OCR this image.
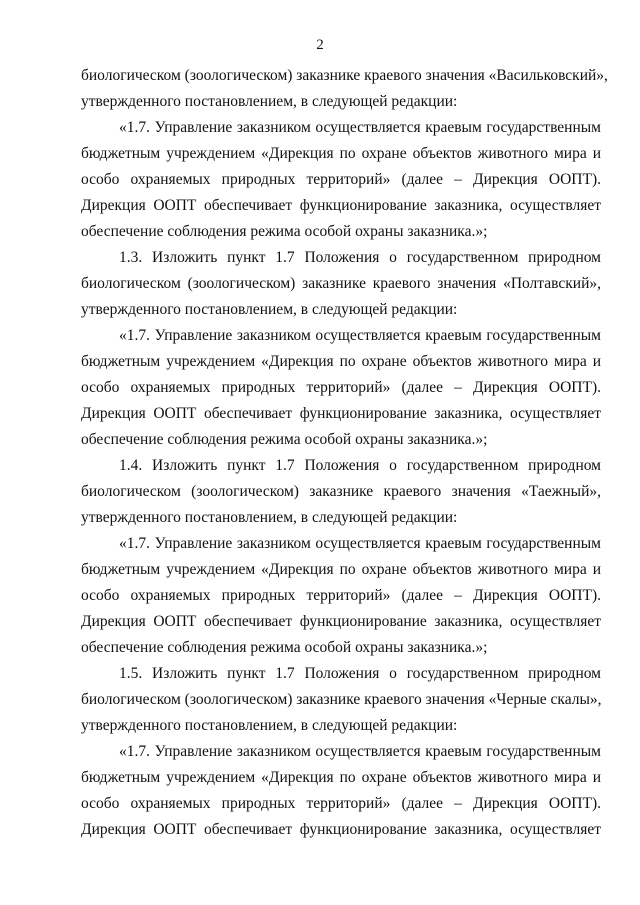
2
биологическом (зоологическом) заказнике краевого значения «Васильковский»,
утвержденного постановлением, в следующей редакции:
«1.7. Управление заказником осуществляется краевым государственным
бюджетным учреждением «Дирекция по охране объектов животного мира и
особо охраняемых природных территорий» (далее – Дирекция ООПТ).
Дирекция ООПТ обеспечивает функционирование заказника, осуществляет
обеспечение соблюдения режима особой охраны заказника.»;
1.3. Изложить пункт 1.7 Положения о государственном природном
биологическом (зоологическом) заказнике краевого значения «Полтавский»,
утвержденного постановлением, в следующей редакции:
«1.7. Управление заказником осуществляется краевым государственным
бюджетным учреждением «Дирекция по охране объектов животного мира и
особо охраняемых природных территорий» (далее – Дирекция ООПТ).
Дирекция ООПТ обеспечивает функционирование заказника, осуществляет
обеспечение соблюдения режима особой охраны заказника.»;
1.4. Изложить пункт 1.7 Положения о государственном природном
биологическом (зоологическом) заказнике краевого значения «Таежный»,
утвержденного постановлением, в следующей редакции:
«1.7. Управление заказником осуществляется краевым государственным
бюджетным учреждением «Дирекция по охране объектов животного мира и
особо охраняемых природных территорий» (далее – Дирекция ООПТ).
Дирекция ООПТ обеспечивает функционирование заказника, осуществляет
обеспечение соблюдения режима особой охраны заказника.»;
1.5. Изложить пункт 1.7 Положения о государственном природном
биологическом (зоологическом) заказнике краевого значения «Черные скалы»,
утвержденного постановлением, в следующей редакции:
«1.7. Управление заказником осуществляется краевым государственным
бюджетным учреждением «Дирекция по охране объектов животного мира и
особо охраняемых природных территорий» (далее – Дирекция ООПТ).
Дирекция ООПТ обеспечивает функционирование заказника, осуществляет
